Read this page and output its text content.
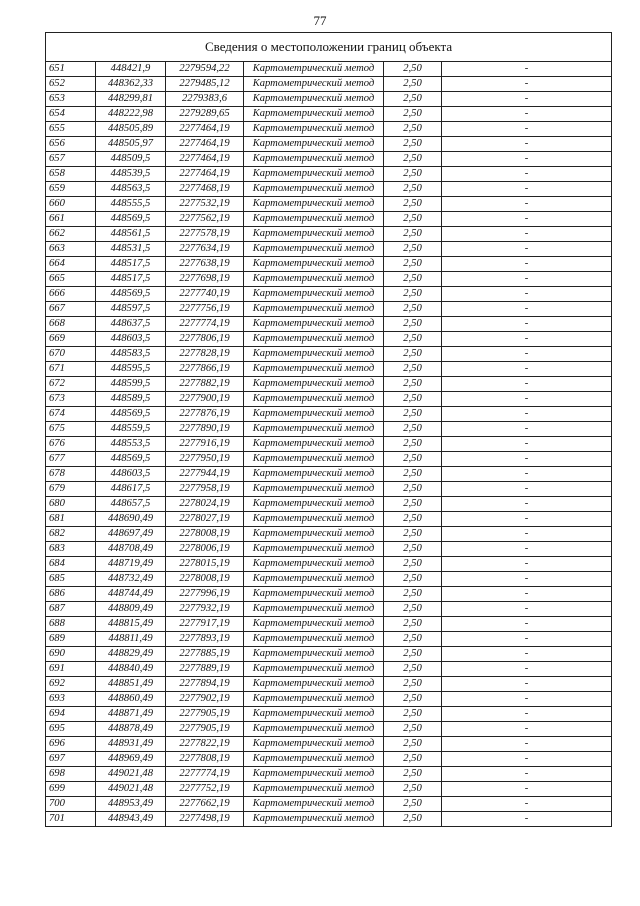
77
Сведения о местоположении границ объекта					
651	448421,9	2279594,22	Картометрический метод	2,50	-
652	448362,33	2279485,12	Картометрический метод	2,50	-
653	448299,81	2279383,6	Картометрический метод	2,50	-
654	448222,98	2279289,65	Картометрический метод	2,50	-
655	448505,89	2277464,19	Картометрический метод	2,50	-
656	448505,97	2277464,19	Картометрический метод	2,50	-
657	448509,5	2277464,19	Картометрический метод	2,50	-
658	448539,5	2277464,19	Картометрический метод	2,50	-
659	448563,5	2277468,19	Картометрический метод	2,50	-
660	448555,5	2277532,19	Картометрический метод	2,50	-
661	448569,5	2277562,19	Картометрический метод	2,50	-
662	448561,5	2277578,19	Картометрический метод	2,50	-
663	448531,5	2277634,19	Картометрический метод	2,50	-
664	448517,5	2277638,19	Картометрический метод	2,50	-
665	448517,5	2277698,19	Картометрический метод	2,50	-
666	448569,5	2277740,19	Картометрический метод	2,50	-
667	448597,5	2277756,19	Картометрический метод	2,50	-
668	448637,5	2277774,19	Картометрический метод	2,50	-
669	448603,5	2277806,19	Картометрический метод	2,50	-
670	448583,5	2277828,19	Картометрический метод	2,50	-
671	448595,5	2277866,19	Картометрический метод	2,50	-
672	448599,5	2277882,19	Картометрический метод	2,50	-
673	448589,5	2277900,19	Картометрический метод	2,50	-
674	448569,5	2277876,19	Картометрический метод	2,50	-
675	448559,5	2277890,19	Картометрический метод	2,50	-
676	448553,5	2277916,19	Картометрический метод	2,50	-
677	448569,5	2277950,19	Картометрический метод	2,50	-
678	448603,5	2277944,19	Картометрический метод	2,50	-
679	448617,5	2277958,19	Картометрический метод	2,50	-
680	448657,5	2278024,19	Картометрический метод	2,50	-
681	448690,49	2278027,19	Картометрический метод	2,50	-
682	448697,49	2278008,19	Картометрический метод	2,50	-
683	448708,49	2278006,19	Картометрический метод	2,50	-
684	448719,49	2278015,19	Картометрический метод	2,50	-
685	448732,49	2278008,19	Картометрический метод	2,50	-
686	448744,49	2277996,19	Картометрический метод	2,50	-
687	448809,49	2277932,19	Картометрический метод	2,50	-
688	448815,49	2277917,19	Картометрический метод	2,50	-
689	448811,49	2277893,19	Картометрический метод	2,50	-
690	448829,49	2277885,19	Картометрический метод	2,50	-
691	448840,49	2277889,19	Картометрический метод	2,50	-
692	448851,49	2277894,19	Картометрический метод	2,50	-
693	448860,49	2277902,19	Картометрический метод	2,50	-
694	448871,49	2277905,19	Картометрический метод	2,50	-
695	448878,49	2277905,19	Картометрический метод	2,50	-
696	448931,49	2277822,19	Картометрический метод	2,50	-
697	448969,49	2277808,19	Картометрический метод	2,50	-
698	449021,48	2277774,19	Картометрический метод	2,50	-
699	449021,48	2277752,19	Картометрический метод	2,50	-
700	448953,49	2277662,19	Картометрический метод	2,50	-
701	448943,49	2277498,19	Картометрический метод	2,50	-
